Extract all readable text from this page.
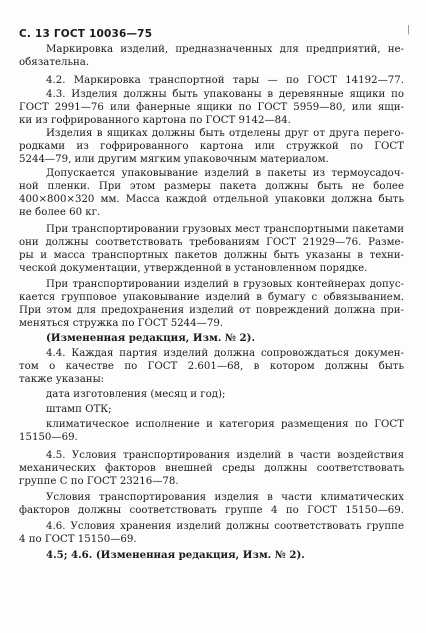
С. 13 ГОСТ 10036—75	|
Маркировка изделий, предназначенных для предприятий, не-
обязательна.
4.2. Маркировка транспортной тары — по ГОСТ 14192—77.
4.3. Изделия должны быть упакованы в деревянные ящики по
ГОСТ 2991—76 или фанерные ящики по ГОСТ 5959—80, или ящи-
ки из гофрированного картона по ГОСТ 9142—84.
Изделия в ящиках должны быть отделены друг от друга перего-
родками из гофрированного картона или стружкой по ГОСТ
5244—79, или другим мягким упаковочным материалом.
Допускается упаковывание изделий в пакеты из термоусадоч-
ной пленки. При этом размеры пакета должны быть не более
400×800×320 мм. Масса каждой отдельной упаковки должна быть
не более 60 кг.
При транспортировании грузовых мест транспортными пакетами
они должны соответствовать требованиям ГОСТ 21929—76. Разме-
ры и масса транспортных пакетов должны быть указаны в техни-
ческой документации, утвержденной в установленном порядке.
При транспортировании изделий в грузовых контейнерах допус-
кается групповое упаковывание изделий в бумагу с обвязыванием.
При этом для предохранения изделий от повреждений должна при-
меняться стружка по ГОСТ 5244—79.
(Измененная редакция, Изм. № 2).
4.4. Каждая партия изделий должна сопровождаться докумен-
том о качестве по ГОСТ 2.601—68, в котором должны быть
также указаны:
дата изготовления (месяц и год);
штамп ОТК;
климатическое исполнение и категория размещения по ГОСТ
15150—69.
4.5. Условия транспортирования изделий в части воздействия
механических факторов внешней среды должны соответствовать
группе С по ГОСТ 23216—78.
Условия транспортирования изделия в части климатических
факторов должны соответствовать группе 4 по ГОСТ 15150—69.
4.6. Условия хранения изделий должны соответствовать группе
4 по ГОСТ 15150—69.
4.5; 4.6. (Измененная редакция, Изм. № 2).
